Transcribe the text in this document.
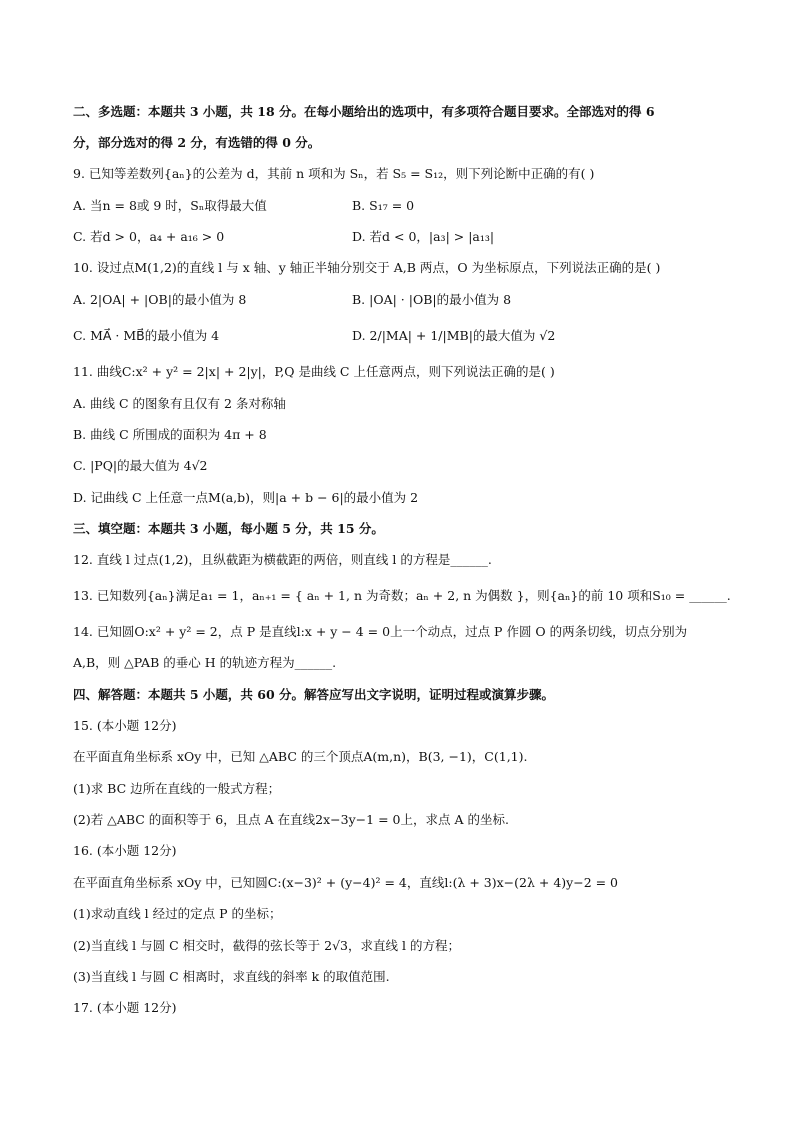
二、多选题：本题共 3 小题，共 18 分。在每小题给出的选项中，有多项符合题目要求。全部选对的得 6
分，部分选对的得 2 分，有选错的得 0 分。
9. 已知等差数列{aₙ}的公差为 d，其前 n 项和为 Sₙ，若 S₅ = S₁₂，则下列论断中正确的有( )
A. 当n = 8或 9 时，Sₙ取得最大值	B. S₁₇ = 0
C. 若d > 0，a₄ + a₁₆ > 0	D. 若d < 0，|a₃| > |a₁₃|
10. 设过点M(1,2)的直线 l 与 x 轴、y 轴正半轴分别交于 A,B 两点，O 为坐标原点，下列说法正确的是( )
A. 2|OA| + |OB|的最小值为 8	B. |OA| · |OB|的最小值为 8
C. MA⃗ · MB⃗的最小值为 4	D. 2/|MA| + 1/|MB|的最大值为 √2
11. 曲线C:x² + y² = 2|x| + 2|y|，P,Q 是曲线 C 上任意两点，则下列说法正确的是( )
A. 曲线 C 的图象有且仅有 2 条对称轴
B. 曲线 C 所围成的面积为 4π + 8
C. |PQ|的最大值为 4√2
D. 记曲线 C 上任意一点M(a,b)，则|a + b − 6|的最小值为 2
三、填空题：本题共 3 小题，每小题 5 分，共 15 分。
12. 直线 l 过点(1,2)，且纵截距为横截距的两倍，则直线 l 的方程是______.
13. 已知数列{aₙ}满足a₁ = 1，aₙ₊₁ = { aₙ + 1, n 为奇数；aₙ + 2, n 为偶数 }，则{aₙ}的前 10 项和S₁₀ = ______.
14. 已知圆O:x² + y² = 2，点 P 是直线l:x + y − 4 = 0上一个动点，过点 P 作圆 O 的两条切线，切点分别为
A,B，则 △PAB 的垂心 H 的轨迹方程为______.
四、解答题：本题共 5 小题，共 60 分。解答应写出文字说明，证明过程或演算步骤。
15. (本小题 12分)
在平面直角坐标系 xOy 中，已知 △ABC 的三个顶点A(m,n)，B(3, −1)，C(1,1).
(1)求 BC 边所在直线的一般式方程；
(2)若 △ABC 的面积等于 6，且点 A 在直线2x−3y−1 = 0上，求点 A 的坐标.
16. (本小题 12分)
在平面直角坐标系 xOy 中，已知圆C:(x−3)² + (y−4)² = 4，直线l:(λ + 3)x−(2λ + 4)y−2 = 0
(1)求动直线 l 经过的定点 P 的坐标；
(2)当直线 l 与圆 C 相交时，截得的弦长等于 2√3，求直线 l 的方程；
(3)当直线 l 与圆 C 相离时，求直线的斜率 k 的取值范围.
17. (本小题 12分)
